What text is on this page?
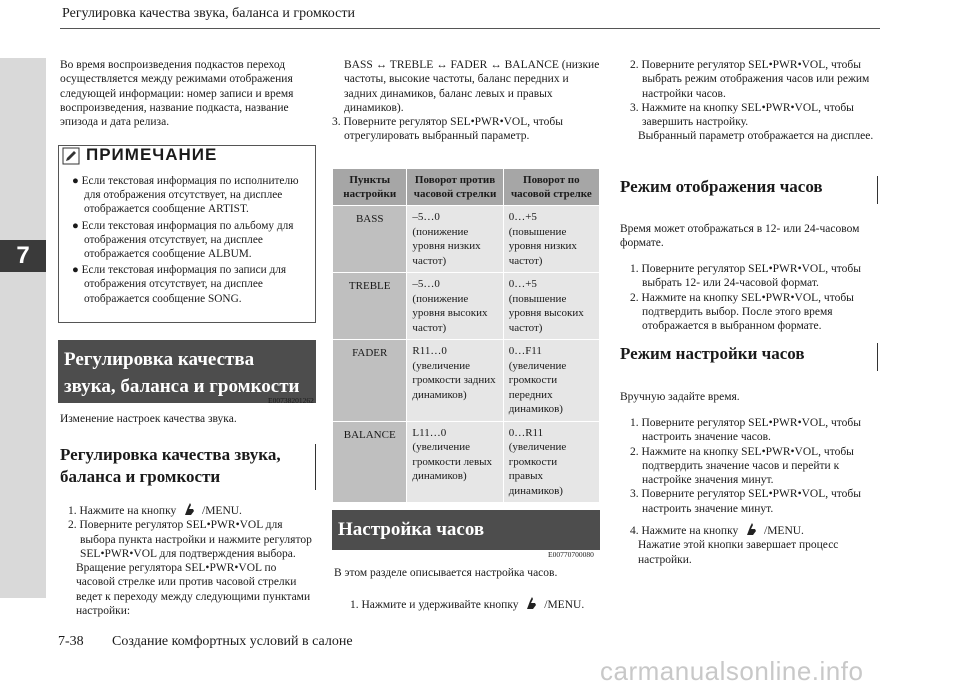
Регулировка качества звука, баланса и громкости
7

Во время воспроизведения подкастов переход осуществляется между режимами отображения следующей информации: номер записи и время воспроизведения, название подкаста, название эпизода и дата релиза.

ПРИМЕЧАНИЕ

● Если текстовая информация по исполнителю для отображения отсутствует, на дисплее отображается сообщение ARTIST.

● Если текстовая информация по альбому для отображения отсутствует, на дисплее отображается сообщение ALBUM.

● Если текстовая информация по записи для отображения отсутствует, на дисплее отображается сообщение SONG.

Регулировка качества звука, баланса и громкости
E00738201262
Изменение настроек качества звука.
Регулировка качества звука, баланса и громкости

1. Нажмите на кнопку /MENU.

2. Поверните регулятор SEL•PWR•VOL для выбора пункта настройки и нажмите регулятор SEL•PWR•VOL для подтверждения выбора.

Вращение регулятора SEL•PWR•VOL по часовой стрелке или против часовой стрелки ведет к переходу между следующими пунктами настройки:

BASS ↔ TREBLE ↔ FADER ↔ BALANCE (низкие частоты, высокие частоты, баланс передних и задних динамиков, баланс левых и правых динамиков).

3. Поверните регулятор SEL•PWR•VOL, чтобы отрегулировать выбранный параметр.

Пункты настройки	Поворот против часовой стрелки	Поворот по часовой стрелке
BASS	–5…0 (понижение уровня низких частот)	0…+5 (повышение уровня низких частот)
TREBLE	–5…0 (понижение уровня высоких частот)	0…+5 (повышение уровня высоких частот)
FADER	R11…0 (увеличение громкости задних динамиков)	0…F11 (увеличение громкости передних динамиков)
BALANCE	L11…0 (увеличение громкости левых динамиков)	0…R11 (увеличение громкости правых динамиков)
Настройка часов
E00770700080
В этом разделе описывается настройка часов.

1. Нажмите и удерживайте кнопку /MENU.

2. Поверните регулятор SEL•PWR•VOL, чтобы выбрать режим отображения часов или режим настройки часов.

3. Нажмите на кнопку SEL•PWR•VOL, чтобы завершить настройку.

Выбранный параметр отображается на дисплее.

Режим отображения часов
Время может отображаться в 12- или 24-часовом формате.

1. Поверните регулятор SEL•PWR•VOL, чтобы выбрать 12- или 24-часовой формат.

2. Нажмите на кнопку SEL•PWR•VOL, чтобы подтвердить выбор. После этого время отображается в выбранном формате.

Режим настройки часов
Вручную задайте время.

1. Поверните регулятор SEL•PWR•VOL, чтобы настроить значение часов.

2. Нажмите на кнопку SEL•PWR•VOL, чтобы подтвердить значение часов и перейти к настройке значения минут.

3. Поверните регулятор SEL•PWR•VOL, чтобы настроить значение минут.

4. Нажмите на кнопку /MENU.

Нажатие этой кнопки завершает процесс настройки.

7-38 Создание комфортных условий в салоне
carmanualsonline.info
